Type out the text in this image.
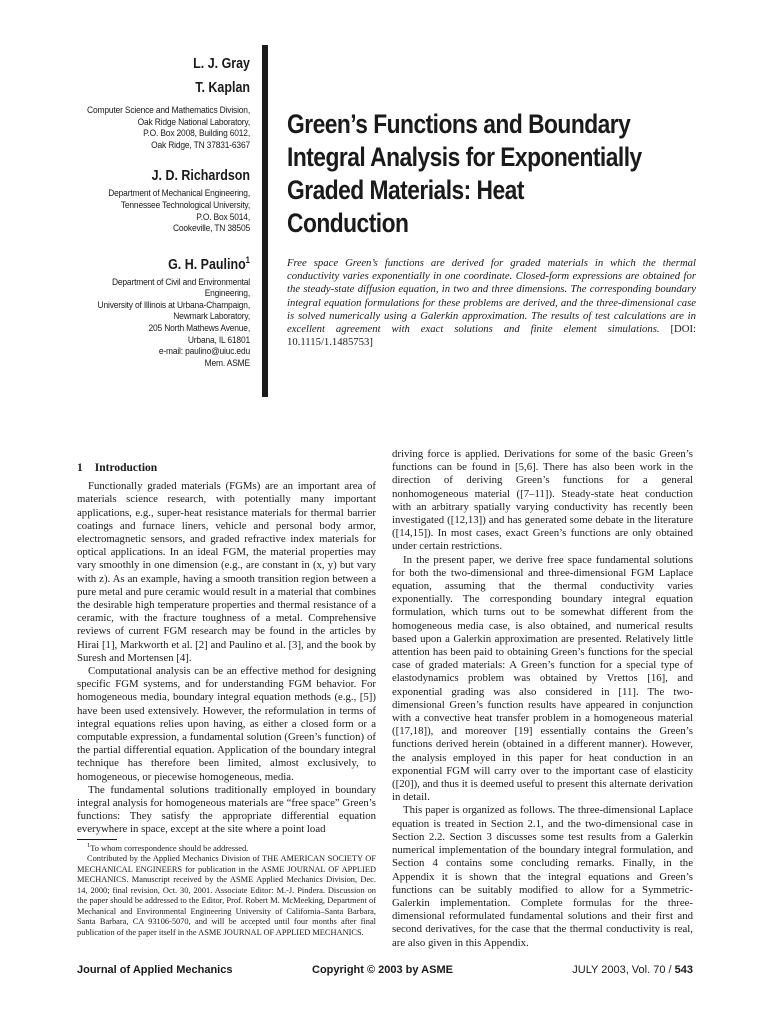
L. J. Gray
T. Kaplan
Computer Science and Mathematics Division,
Oak Ridge National Laboratory,
P.O. Box 2008, Building 6012,
Oak Ridge, TN 37831-6367
J. D. Richardson
Department of Mechanical Engineering,
Tennessee Technological University,
P.O. Box 5014,
Cookeville, TN 38505
G. H. Paulino$^1$
Department of Civil and Environmental
Engineering,
University of Illinois at Urbana-Champaign,
Newmark Laboratory,
205 North Mathews Avenue,
Urbana, IL 61801
e-mail: paulino@uiuc.edu
Mem. ASME
Green’s Functions and Boundary
Integral Analysis for Exponentially
Graded Materials: Heat
Conduction
Free space Green’s functions are derived for graded materials in which the thermal conductivity varies exponentially in one coordinate. Closed-form expressions are obtained for the steady-state diffusion equation, in two and three dimensions. The corresponding boundary integral equation formulations for these problems are derived, and the three-dimensional case is solved numerically using a Galerkin approximation. The results of test calculations are in excellent agreement with exact solutions and finite element simulations. [DOI: 10.1115/1.1485753]
1 Introduction

Functionally graded materials (FGMs) are an important area of materials science research, with potentially many important applications, e.g., super-heat resistance materials for thermal barrier coatings and furnace liners, vehicle and personal body armor, electromagnetic sensors, and graded refractive index materials for optical applications. In an ideal FGM, the material properties may vary smoothly in one dimension (e.g., are constant in (x, y) but vary with z). As an example, having a smooth transition region between a pure metal and pure ceramic would result in a material that combines the desirable high temperature properties and thermal resistance of a ceramic, with the fracture toughness of a metal. Comprehensive reviews of current FGM research may be found in the articles by Hirai [1], Markworth et al. [2] and Paulino et al. [3], and the book by Suresh and Mortensen [4].

Computational analysis can be an effective method for designing specific FGM systems, and for understanding FGM behavior. For homogeneous media, boundary integral equation methods (e.g., [5]) have been used extensively. However, the reformulation in terms of integral equations relies upon having, as either a closed form or a computable expression, a fundamental solution (Green’s function) of the partial differential equation. Application of the boundary integral technique has therefore been limited, almost exclusively, to homogeneous, or piecewise homogeneous, media.

The fundamental solutions traditionally employed in boundary integral analysis for homogeneous materials are “free space” Green’s functions: They satisfy the appropriate differential equation everywhere in space, except at the site where a point load

driving force is applied. Derivations for some of the basic Green’s functions can be found in [5,6]. There has also been work in the direction of deriving Green’s functions for a general nonhomogeneous material ([7–11]). Steady-state heat conduction with an arbitrary spatially varying conductivity has recently been investigated ([12,13]) and has generated some debate in the literature ([14,15]). In most cases, exact Green’s functions are only obtained under certain restrictions.

In the present paper, we derive free space fundamental solutions for both the two-dimensional and three-dimensional FGM Laplace equation, assuming that the thermal conductivity varies exponentially. The corresponding boundary integral equation formulation, which turns out to be somewhat different from the homogeneous media case, is also obtained, and numerical results based upon a Galerkin approximation are presented. Relatively little attention has been paid to obtaining Green’s functions for the special case of graded materials: A Green’s function for a special type of elastodynamics problem was obtained by Vrettos [16], and exponential grading was also considered in [11]. The two-dimensional Green’s function results have appeared in conjunction with a convective heat transfer problem in a homogeneous material ([17,18]), and moreover [19] essentially contains the Green’s functions derived herein (obtained in a different manner). However, the analysis employed in this paper for heat conduction in an exponential FGM will carry over to the important case of elasticity ([20]), and thus it is deemed useful to present this alternate derivation in detail.

This paper is organized as follows. The three-dimensional Laplace equation is treated in Section 2.1, and the two-dimensional case in Section 2.2. Section 3 discusses some test results from a Galerkin numerical implementation of the boundary integral formulation, and Section 4 contains some concluding remarks. Finally, in the Appendix it is shown that the integral equations and Green’s functions can be suitably modified to allow for a Symmetric-Galerkin implementation. Complete formulas for the three-dimensional reformulated fundamental solutions and their first and second derivatives, for the case that the thermal conductivity is real, are also given in this Appendix.

$^1$To whom correspondence should be addressed.

Contributed by the Applied Mechanics Division of THE AMERICAN SOCIETY OF MECHANICAL ENGINEERS for publication in the ASME JOURNAL OF APPLIED MECHANICS. Manuscript received by the ASME Applied Mechanics Division, Dec. 14, 2000; final revision, Oct. 30, 2001. Associate Editor: M.-J. Pindera. Discussion on the paper should be addressed to the Editor, Prof. Robert M. McMeeking, Department of Mechanical and Environmental Engineering University of California–Santa Barbara, Santa Barbara, CA 93106-5070, and will be accepted until four months after final publication of the paper itself in the ASME JOURNAL OF APPLIED MECHANICS.

Journal of Applied Mechanics	Copyright © 2003 by ASME	JULY 2003, Vol. 70 / 543
